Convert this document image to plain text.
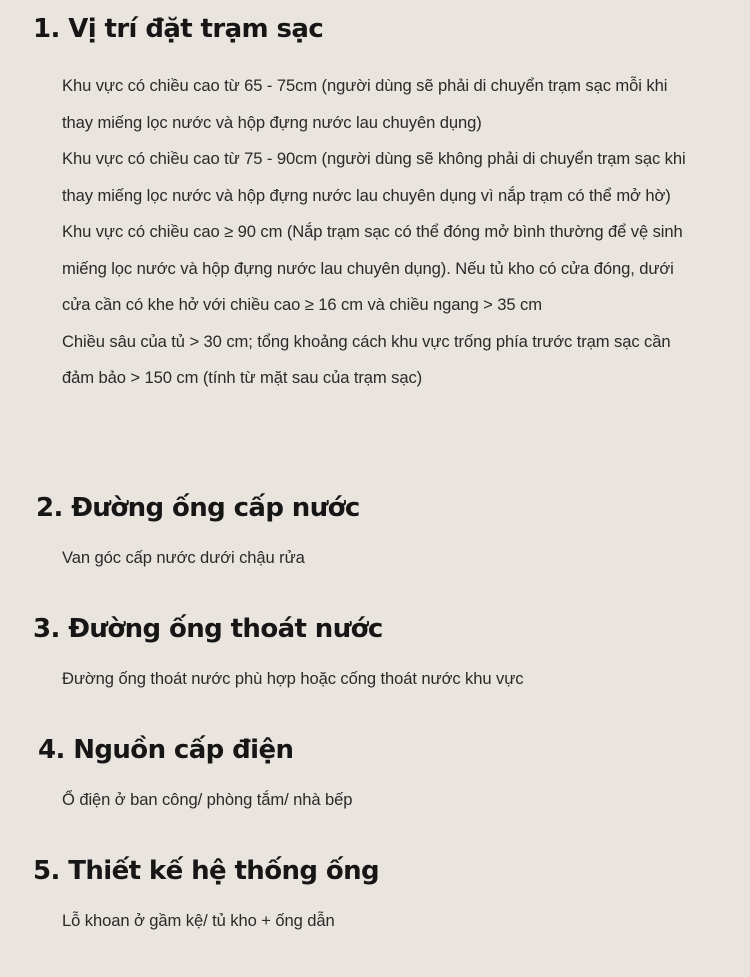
1. Vị trí đặt trạm sạc

Khu vực có chiều cao từ 65 - 75cm (người dùng sẽ phải di chuyển trạm sạc mỗi khi
thay miếng lọc nước và hộp đựng nước lau chuyên dụng)
Khu vực có chiều cao từ 75 - 90cm (người dùng sẽ không phải di chuyển trạm sạc khi
thay miếng lọc nước và hộp đựng nước lau chuyên dụng vì nắp trạm có thể mở hờ)
Khu vực có chiều cao ≥ 90 cm (Nắp trạm sạc có thể đóng mở bình thường để vệ sinh
miếng lọc nước và hộp đựng nước lau chuyên dụng). Nếu tủ kho có cửa đóng, dưới
cửa cần có khe hở với chiều cao ≥ 16 cm và chiều ngang > 35 cm
Chiều sâu của tủ > 30 cm; tổng khoảng cách khu vực trống phía trước trạm sạc cần
đảm bảo > 150 cm (tính từ mặt sau của trạm sạc)

2. Đường ống cấp nước

Van góc cấp nước dưới chậu rửa

3. Đường ống thoát nước

Đường ống thoát nước phù hợp hoặc cống thoát nước khu vực

4. Nguồn cấp điện

Ổ điện ở ban công/ phòng tắm/ nhà bếp

5. Thiết kế hệ thống ống

Lỗ khoan ở gầm kệ/ tủ kho + ống dẫn
